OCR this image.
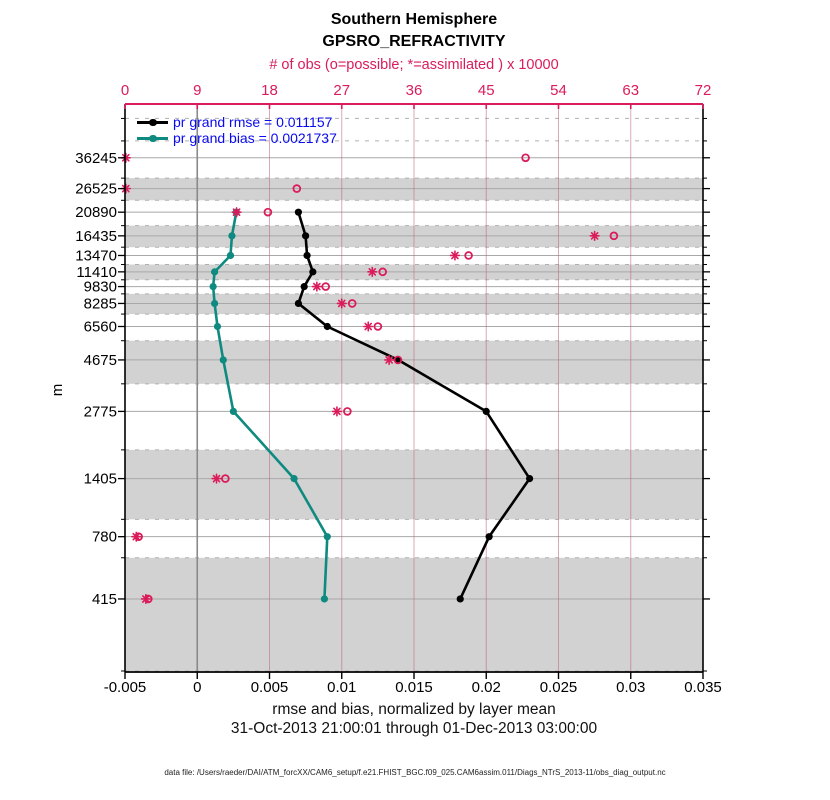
-0.005	0	0.005	0.01	0.015	0.02	0.025	0.03	0.035
0	9	18	27	36	45	54	63	72
415
780
1405
2775
4675
6560
8285
9830
11410
13470
16435
20890
26525
36245
m
Southern Hemisphere
GPSRO_REFRACTIVITY
# of obs (o=possible; *=assimilated ) x 10000
pr grand rmse = 0.011157
pr grand bias = 0.0021737
rmse and bias, normalized by layer mean
31-Oct-2013 21:00:01 through 01-Dec-2013 03:00:00
data file: /Users/raeder/DAI/ATM_forcXX/CAM6_setup/f.e21.FHIST_BGC.f09_025.CAM6assim.011/Diags_NTrS_2013-11/obs_diag_output.nc
